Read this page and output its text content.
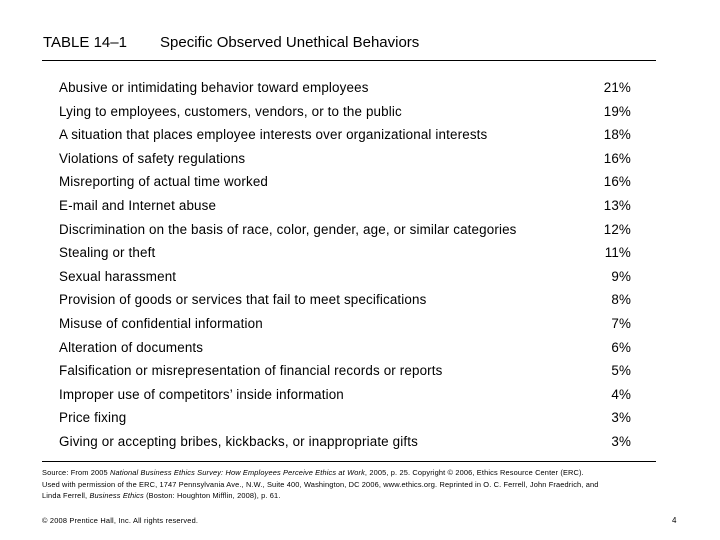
TABLE 14–1 Specific Observed Unethical Behaviors
Abusive or intimidating behavior toward employees	21%
Lying to employees, customers, vendors, or to the public	19%
A situation that places employee interests over organizational interests	18%
Violations of safety regulations	16%
Misreporting of actual time worked	16%
E-mail and Internet abuse	13%
Discrimination on the basis of race, color, gender, age, or similar categories	12%
Stealing or theft	11%
Sexual harassment	9%
Provision of goods or services that fail to meet specifications	8%
Misuse of confidential information	7%
Alteration of documents	6%
Falsification or misrepresentation of financial records or reports	5%
Improper use of competitors’ inside information	4%
Price fixing	3%
Giving or accepting bribes, kickbacks, or inappropriate gifts	3%
Source: From 2005 National Business Ethics Survey: How Employees Perceive Ethics at Work, 2005, p. 25. Copyright © 2006, Ethics Resource Center (ERC). Used with permission of the ERC, 1747 Pennsylvania Ave., N.W., Suite 400, Washington, DC 2006, www.ethics.org. Reprinted in O. C. Ferrell, John Fraedrich, and Linda Ferrell, Business Ethics (Boston: Houghton Mifflin, 2008), p. 61.
© 2008 Prentice Hall, Inc. All rights reserved.	4
